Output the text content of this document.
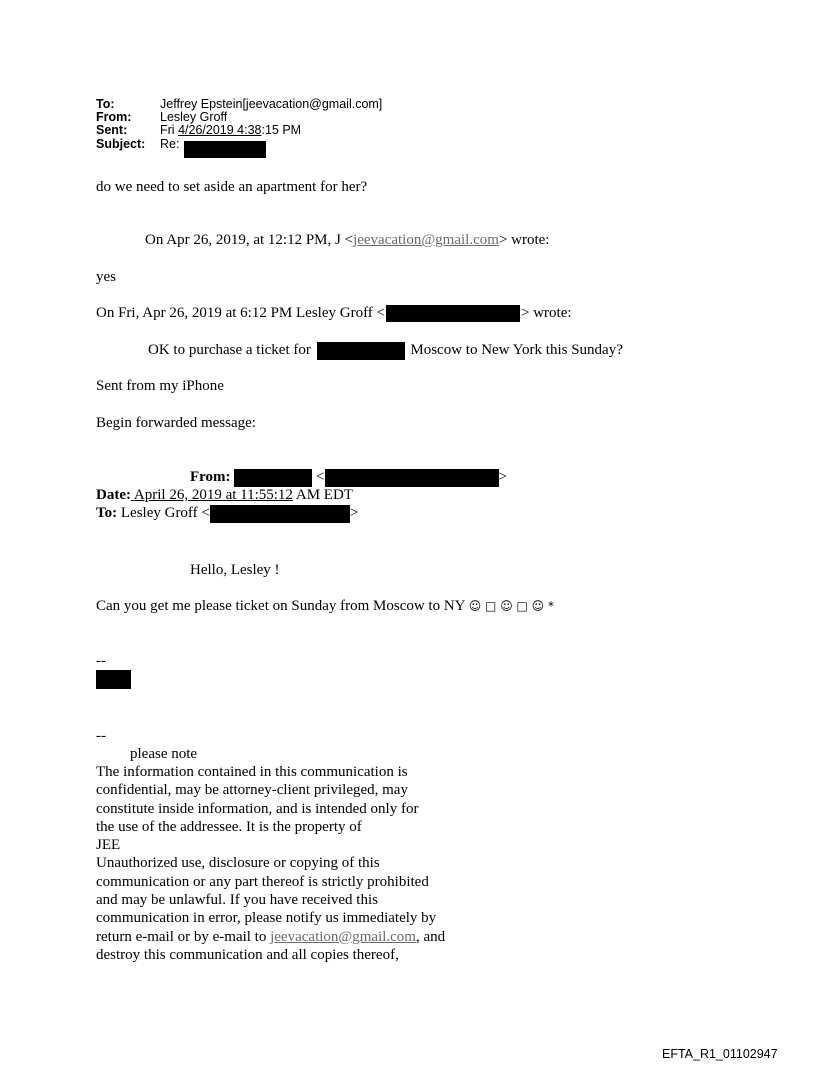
To:	Jeffrey Epstein[jeevacation@gmail.com]
From: Lesley Groff
Sent:	Fri 4/26/2019 4:38:15 PM
Subject: Re:
do we need to set aside an apartment for her?
On Apr 26, 2019, at 12:12 PM, J <jeevacation@gmail.com> wrote:
yes
On Fri, Apr 26, 2019 at 6:12 PM Lesley Groff <	> wrote:
OK to purchase a ticket for	Moscow to New York this Sunday?
Sent from my iPhone
Begin forwarded message:
From:	<	>
Date: April 26, 2019 at 11:55:12 AM EDT
To: Lesley Groff <	>
Hello, Lesley !
Can you get me please ticket on Sunday from Moscow to NY ☺ □ ☺ □ ☺ *
--
--
please note
The information contained in this communication is
confidential, may be attorney-client privileged, may
constitute inside information, and is intended only for
the use of the addressee. It is the property of
JEE
Unauthorized use, disclosure or copying of this
communication or any part thereof is strictly prohibited
and may be unlawful. If you have received this
communication in error, please notify us immediately by
return e-mail or by e-mail to jeevacation@gmail.com, and
destroy this communication and all copies thereof,
EFTA_R1_01102947
